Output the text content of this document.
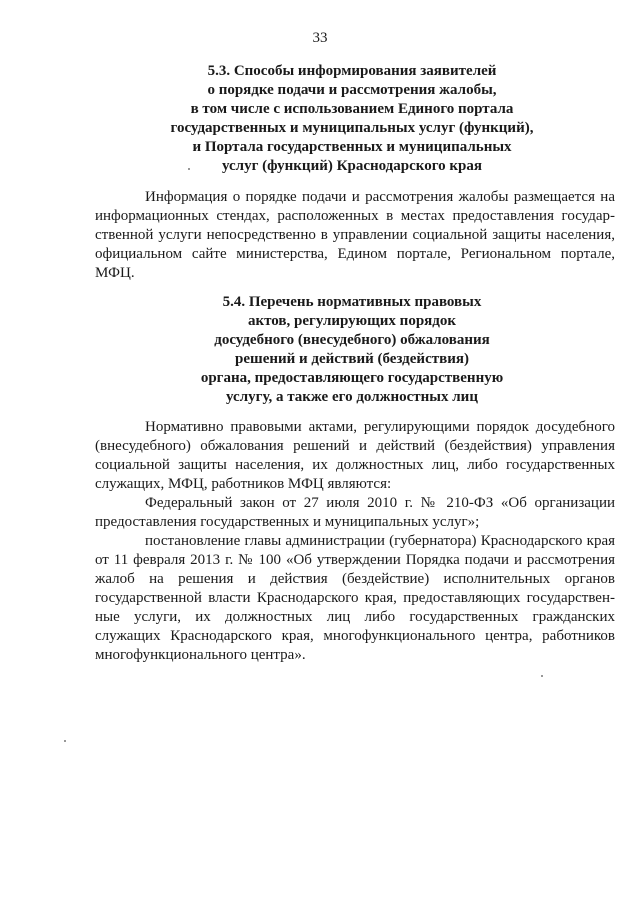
33
5.3. Способы информирования заявителей
о порядке подачи и рассмотрения жалобы,
в том числе с использованием Единого портала
государственных и муниципальных услуг (функций),
и Портала государственных и муниципальных
услуг (функций) Краснодарского края
Информация о порядке подачи и рассмотрения жалобы размещается на
информационных стендах, расположенных в местах предоставления государ-
ственной услуги непосредственно в управлении социальной защиты населения,
официальном сайте министерства, Едином портале, Региональном портале,
МФЦ.
5.4. Перечень нормативных правовых
актов, регулирующих порядок
досудебного (внесудебного) обжалования
решений и действий (бездействия)
органа, предоставляющего государственную
услугу, а также его должностных лиц
Нормативно правовыми актами, регулирующими порядок досудебного
(внесудебного) обжалования решений и действий (бездействия) управления
социальной защиты населения, их должностных лиц, либо государственных
служащих, МФЦ, работников МФЦ являются:
Федеральный закон от 27 июля 2010 г. № 210-ФЗ «Об организации
предоставления государственных и муниципальных услуг»;
постановление главы администрации (губернатора) Краснодарского края
от 11 февраля 2013 г. № 100 «Об утверждении Порядка подачи и рассмотрения
жалоб на решения и действия (бездействие) исполнительных органов
государственной власти Краснодарского края, предоставляющих государствен-
ные услуги, их должностных лиц либо государственных гражданских
служащих Краснодарского края, многофункционального центра, работников
многофункционального центра».
